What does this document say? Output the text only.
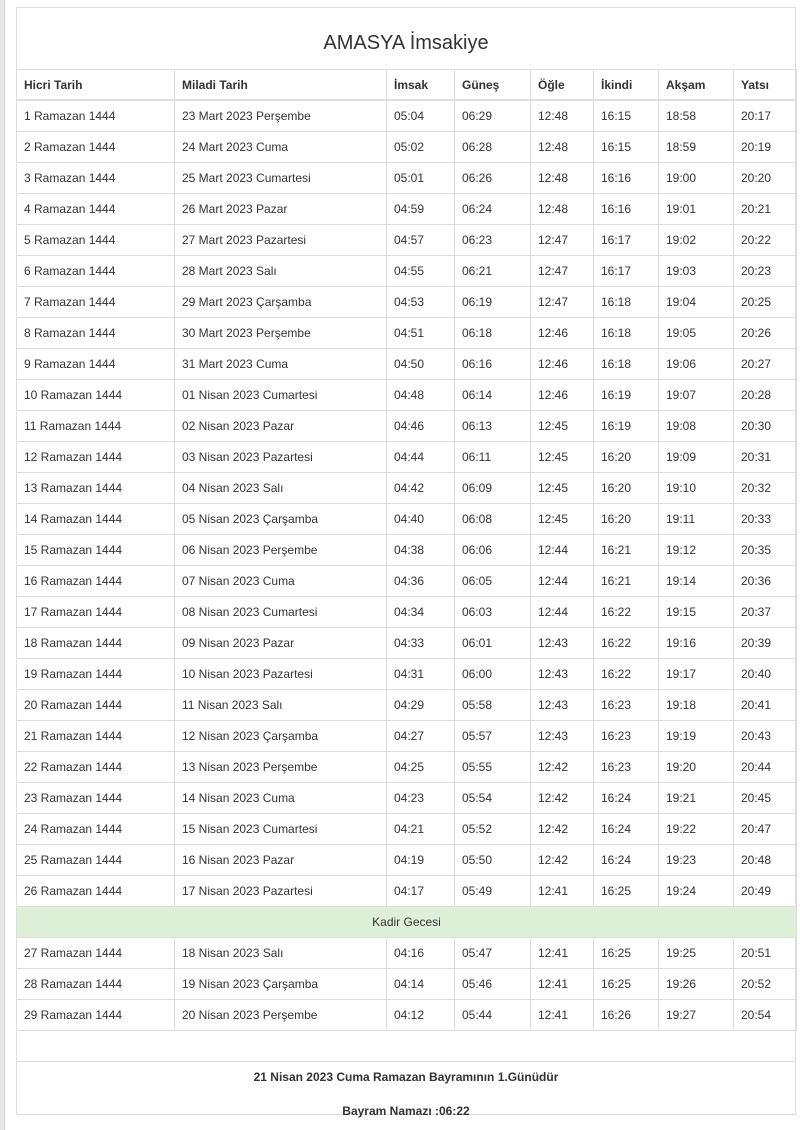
AMASYA İmsakiye
Hicri Tarih	Miladi Tarih	İmsak	Güneş	Öğle	İkindi	Akşam	Yatsı
1 Ramazan 1444	23 Mart 2023 Perşembe	05:04	06:29	12:48	16:15	18:58	20:17
2 Ramazan 1444	24 Mart 2023 Cuma	05:02	06:28	12:48	16:15	18:59	20:19
3 Ramazan 1444	25 Mart 2023 Cumartesi	05:01	06:26	12:48	16:16	19:00	20:20
4 Ramazan 1444	26 Mart 2023 Pazar	04:59	06:24	12:48	16:16	19:01	20:21
5 Ramazan 1444	27 Mart 2023 Pazartesi	04:57	06:23	12:47	16:17	19:02	20:22
6 Ramazan 1444	28 Mart 2023 Salı	04:55	06:21	12:47	16:17	19:03	20:23
7 Ramazan 1444	29 Mart 2023 Çarşamba	04:53	06:19	12:47	16:18	19:04	20:25
8 Ramazan 1444	30 Mart 2023 Perşembe	04:51	06:18	12:46	16:18	19:05	20:26
9 Ramazan 1444	31 Mart 2023 Cuma	04:50	06:16	12:46	16:18	19:06	20:27
10 Ramazan 1444	01 Nisan 2023 Cumartesi	04:48	06:14	12:46	16:19	19:07	20:28
11 Ramazan 1444	02 Nisan 2023 Pazar	04:46	06:13	12:45	16:19	19:08	20:30
12 Ramazan 1444	03 Nisan 2023 Pazartesi	04:44	06:11	12:45	16:20	19:09	20:31
13 Ramazan 1444	04 Nisan 2023 Salı	04:42	06:09	12:45	16:20	19:10	20:32
14 Ramazan 1444	05 Nisan 2023 Çarşamba	04:40	06:08	12:45	16:20	19:11	20:33
15 Ramazan 1444	06 Nisan 2023 Perşembe	04:38	06:06	12:44	16:21	19:12	20:35
16 Ramazan 1444	07 Nisan 2023 Cuma	04:36	06:05	12:44	16:21	19:14	20:36
17 Ramazan 1444	08 Nisan 2023 Cumartesi	04:34	06:03	12:44	16:22	19:15	20:37
18 Ramazan 1444	09 Nisan 2023 Pazar	04:33	06:01	12:43	16:22	19:16	20:39
19 Ramazan 1444	10 Nisan 2023 Pazartesi	04:31	06:00	12:43	16:22	19:17	20:40
20 Ramazan 1444	11 Nisan 2023 Salı	04:29	05:58	12:43	16:23	19:18	20:41
21 Ramazan 1444	12 Nisan 2023 Çarşamba	04:27	05:57	12:43	16:23	19:19	20:43
22 Ramazan 1444	13 Nisan 2023 Perşembe	04:25	05:55	12:42	16:23	19:20	20:44
23 Ramazan 1444	14 Nisan 2023 Cuma	04:23	05:54	12:42	16:24	19:21	20:45
24 Ramazan 1444	15 Nisan 2023 Cumartesi	04:21	05:52	12:42	16:24	19:22	20:47
25 Ramazan 1444	16 Nisan 2023 Pazar	04:19	05:50	12:42	16:24	19:23	20:48
26 Ramazan 1444	17 Nisan 2023 Pazartesi	04:17	05:49	12:41	16:25	19:24	20:49
Kadir Gecesi							
27 Ramazan 1444	18 Nisan 2023 Salı	04:16	05:47	12:41	16:25	19:25	20:51
28 Ramazan 1444	19 Nisan 2023 Çarşamba	04:14	05:46	12:41	16:25	19:26	20:52
29 Ramazan 1444	20 Nisan 2023 Perşembe	04:12	05:44	12:41	16:26	19:27	20:54
21 Nisan 2023 Cuma Ramazan Bayramının 1.Günüdür
Bayram Namazı :06:22
